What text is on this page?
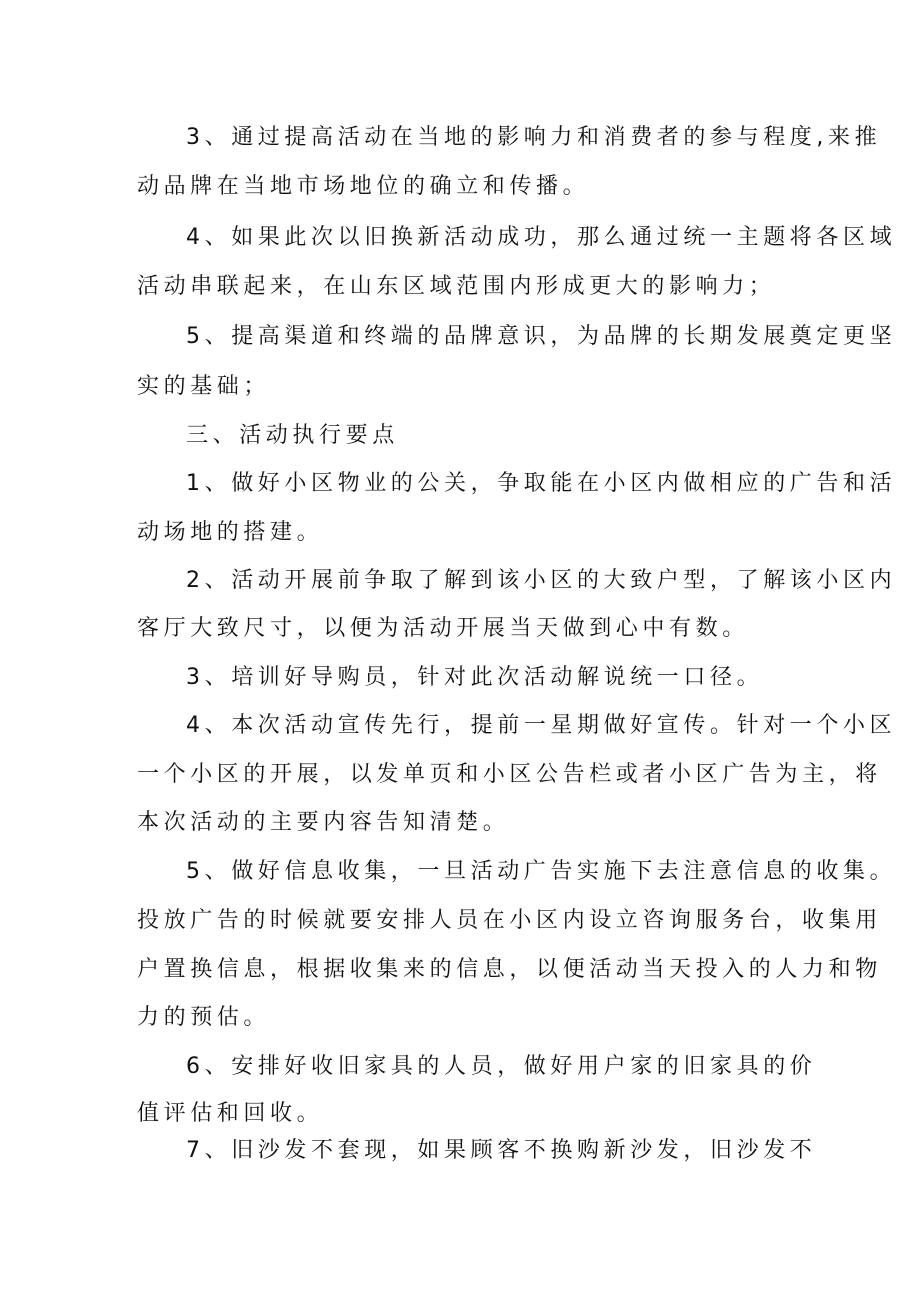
3、通过提高活动在当地的影响力和消费者的参与程度,来推
动品牌在当地市场地位的确立和传播。
4、如果此次以旧换新活动成功，那么通过统一主题将各区域
活动串联起来，在山东区域范围内形成更大的影响力；
5、提高渠道和终端的品牌意识，为品牌的长期发展奠定更坚
实的基础；
三、活动执行要点
1、做好小区物业的公关，争取能在小区内做相应的广告和活
动场地的搭建。
2、活动开展前争取了解到该小区的大致户型，了解该小区内
客厅大致尺寸，以便为活动开展当天做到心中有数。
3、培训好导购员，针对此次活动解说统一口径。
4、本次活动宣传先行，提前一星期做好宣传。针对一个小区
一个小区的开展，以发单页和小区公告栏或者小区广告为主，将
本次活动的主要内容告知清楚。
5、做好信息收集，一旦活动广告实施下去注意信息的收集。
投放广告的时候就要安排人员在小区内设立咨询服务台，收集用
户置换信息，根据收集来的信息，以便活动当天投入的人力和物
力的预估。
6、安排好收旧家具的人员，做好用户家的旧家具的价
值评估和回收。
7、旧沙发不套现，如果顾客不换购新沙发，旧沙发不
